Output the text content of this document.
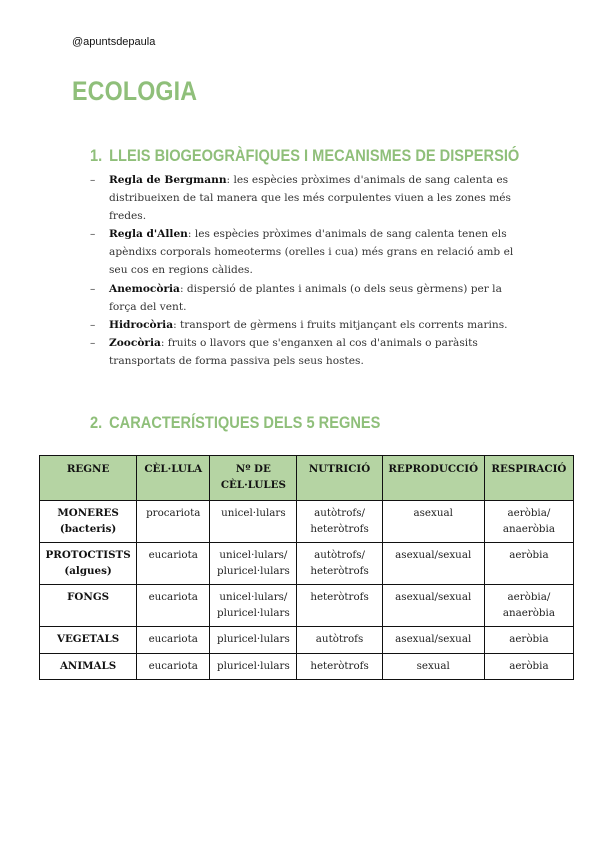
@apuntsdepaula
ECOLOGIA
1. LLEIS BIOGEOGRÀFIQUES I MECANISMES DE DISPERSIÓ
– Regla de Bergmann: les espècies pròximes d'animals de sang calenta es distribueixen de tal manera que les més corpulentes viuen a les zones més fredes.
– Regla d'Allen: les espècies pròximes d'animals de sang calenta tenen els apèndixs corporals homeoterms (orelles i cua) més grans en relació amb el seu cos en regions càlides.
– Anemocòria: dispersió de plantes i animals (o dels seus gèrmens) per la força del vent.
– Hidrocòria: transport de gèrmens i fruits mitjançant els corrents marins.
– Zoocòria: fruits o llavors que s'enganxen al cos d'animals o paràsits transportats de forma passiva pels seus hostes.
2. CARACTERÍSTIQUES DELS 5 REGNES
REGNE	CÈL·LULA	Nº DE CÈL·LULES	NUTRICIÓ	REPRODUCCIÓ	RESPIRACIÓ
MONERES (bacteris)	procariota	unicel·lulars	autòtrofs/ heteròtrofs	asexual	aeròbia/ anaeròbia
PROTOCTISTS (algues)	eucariota	unicel·lulars/ pluricel·lulars	autòtrofs/ heteròtrofs	asexual/sexual	aeròbia
FONGS	eucariota	unicel·lulars/ pluricel·lulars	heteròtrofs	asexual/sexual	aeròbia/ anaeròbia
VEGETALS	eucariota	pluricel·lulars	autòtrofs	asexual/sexual	aeròbia
ANIMALS	eucariota	pluricel·lulars	heteròtrofs	sexual	aeròbia
